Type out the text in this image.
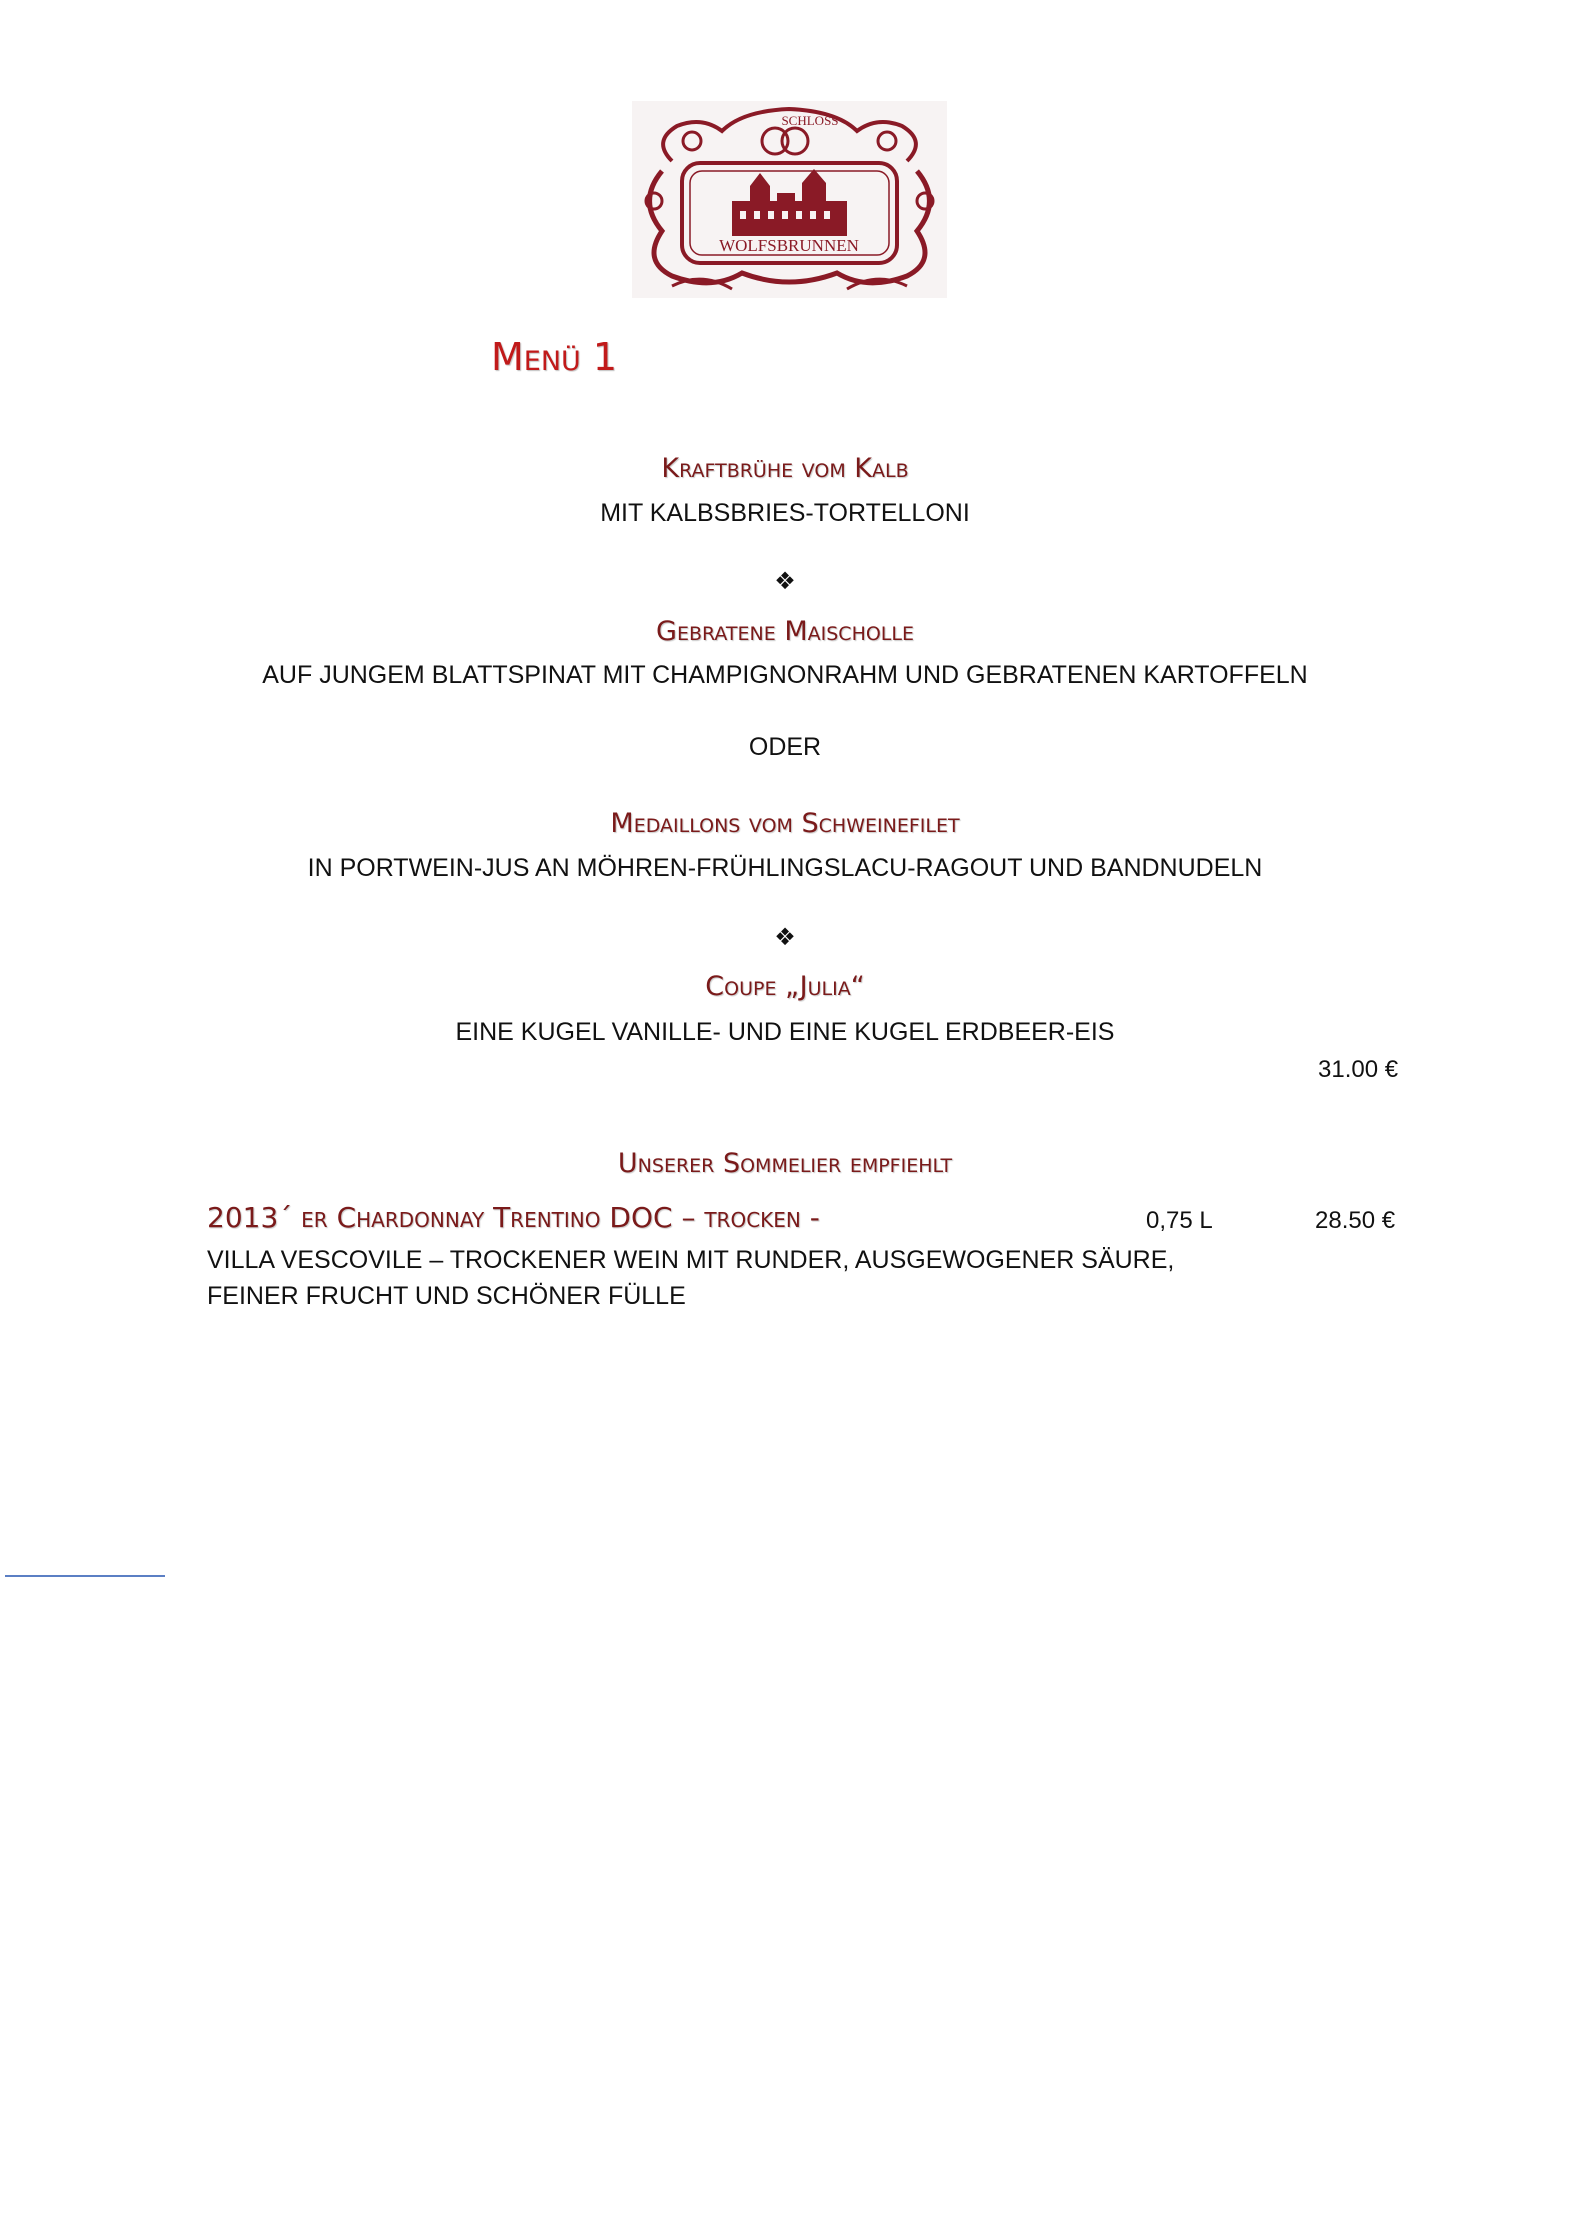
SCHLOSS
WOLFSBRUNNEN
Menü 1
Kraftbrühe vom Kalb
MIT KALBSBRIES-TORTELLONI
❖
Gebratene Maischolle
AUF JUNGEM BLATTSPINAT MIT CHAMPIGNONRAHM UND GEBRATENEN KARTOFFELN
ODER
Medaillons vom Schweinefilet
IN PORTWEIN-JUS AN MÖHREN-FRÜHLINGSLACU-RAGOUT UND BANDNUDELN
❖
Coupe „Julia“
EINE KUGEL VANILLE- UND EINE KUGEL ERDBEER-EIS
31.00 €
Unserer Sommelier empfiehlt
2013´ er Chardonnay Trentino DOC – trocken -	0,75 L	28.50 €
VILLA VESCOVILE – TROCKENER WEIN MIT RUNDER, AUSGEWOGENER SÄURE,
FEINER FRUCHT UND SCHÖNER FÜLLE
